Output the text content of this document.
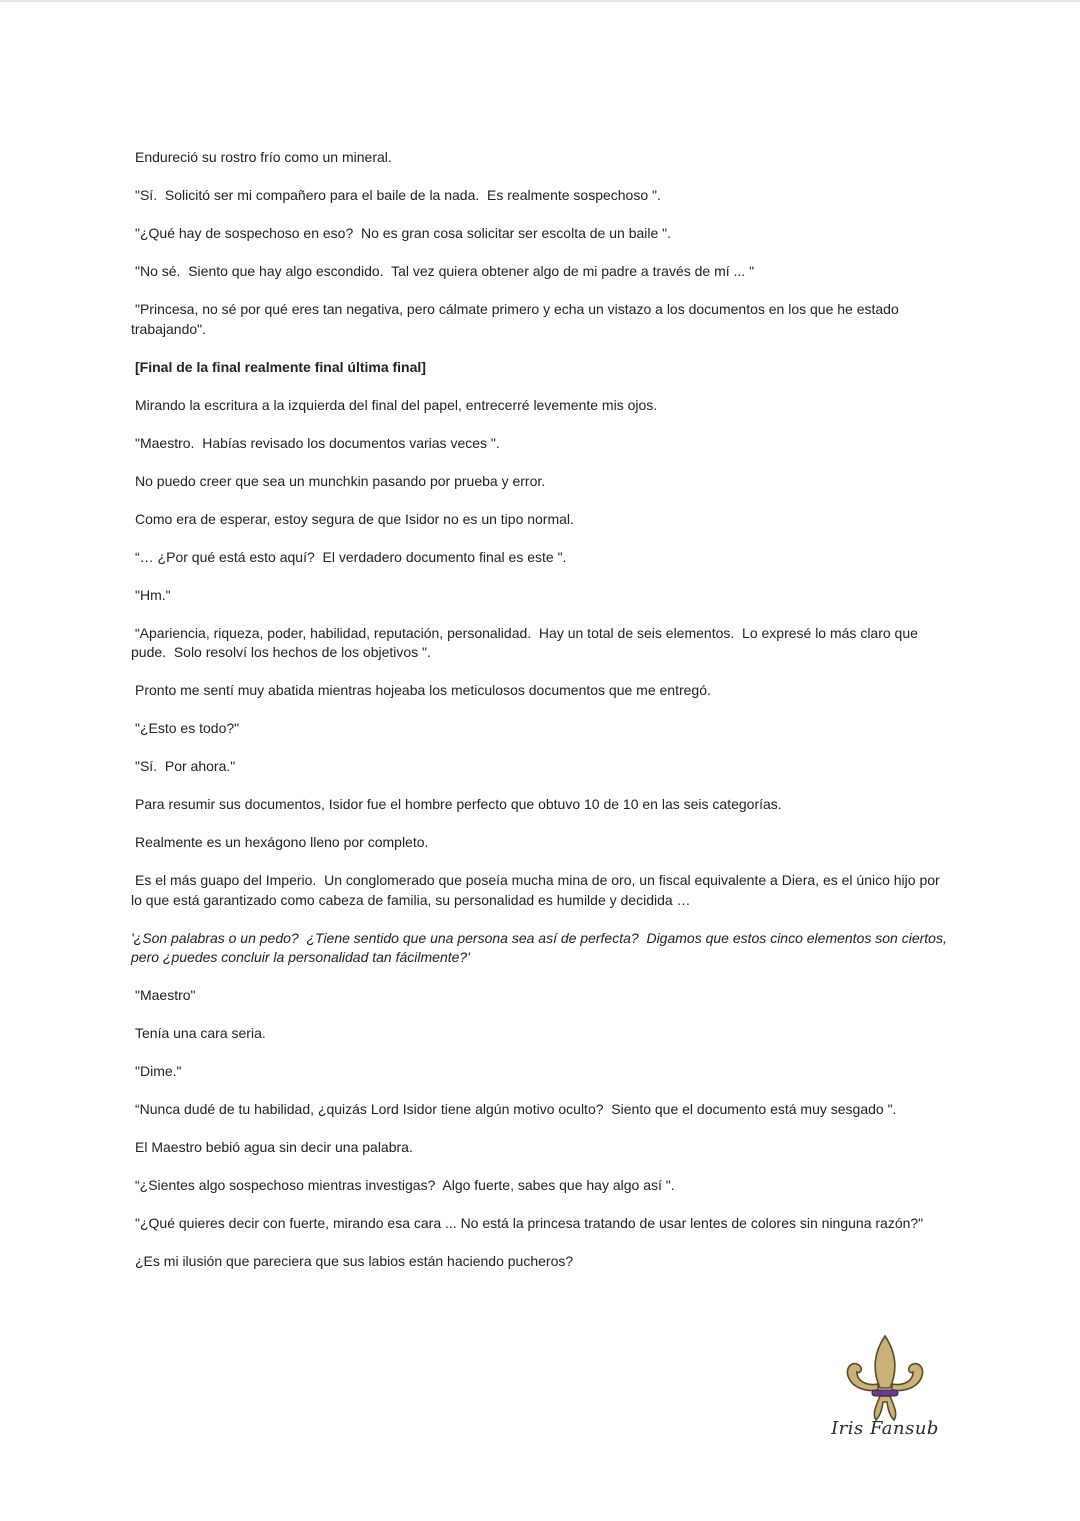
Endureció su rostro frío como un mineral.

"Sí.  Solicitó ser mi compañero para el baile de la nada.  Es realmente sospechoso ".

"¿Qué hay de sospechoso en eso?  No es gran cosa solicitar ser escolta de un baile ".

"No sé.  Siento que hay algo escondido.  Tal vez quiera obtener algo de mi padre a través de mí ... "

"Princesa, no sé por qué eres tan negativa, pero cálmate primero y echa un vistazo a los documentos en los que he estado trabajando".

[Final de la final realmente final última final]

Mirando la escritura a la izquierda del final del papel, entrecerré levemente mis ojos.

"Maestro.  Habías revisado los documentos varias veces ".

No puedo creer que sea un munchkin pasando por prueba y error.

Como era de esperar, estoy segura de que Isidor no es un tipo normal.

“… ¿Por qué está esto aquí?  El verdadero documento final es este ".

"Hm."

“Apariencia, riqueza, poder, habilidad, reputación, personalidad.  Hay un total de seis elementos.  Lo expresé lo más claro que pude.  Solo resolví los hechos de los objetivos ".

Pronto me sentí muy abatida mientras hojeaba los meticulosos documentos que me entregó.

"¿Esto es todo?"

"Sí.  Por ahora."

Para resumir sus documentos, Isidor fue el hombre perfecto que obtuvo 10 de 10 en las seis categorías.

Realmente es un hexágono lleno por completo.

Es el más guapo del Imperio.  Un conglomerado que poseía mucha mina de oro, un fiscal equivalente a Diera, es el único hijo por lo que está garantizado como cabeza de familia, su personalidad es humilde y decidida …

'¿Son palabras o un pedo?  ¿Tiene sentido que una persona sea así de perfecta?  Digamos que estos cinco elementos son ciertos, pero ¿puedes concluir la personalidad tan fácilmente?'

"Maestro"

Tenía una cara seria.

"Dime."

“Nunca dudé de tu habilidad, ¿quizás Lord Isidor tiene algún motivo oculto?  Siento que el documento está muy sesgado ".

El Maestro bebió agua sin decir una palabra.

“¿Sientes algo sospechoso mientras investigas?  Algo fuerte, sabes que hay algo así ".

"¿Qué quieres decir con fuerte, mirando esa cara ... No está la princesa tratando de usar lentes de colores sin ninguna razón?"

¿Es mi ilusión que pareciera que sus labios están haciendo pucheros?

Iris Fansub
